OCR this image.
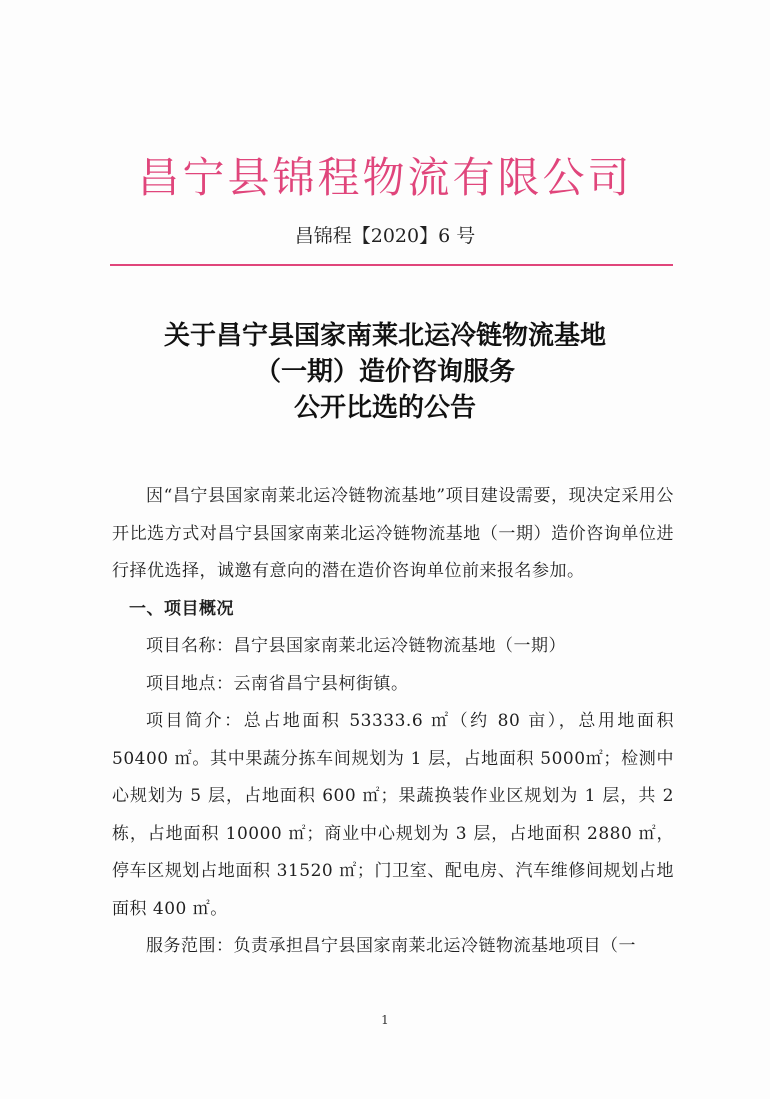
昌宁县锦程物流有限公司
昌锦程【2020】6 号
关于昌宁县国家南莱北运冷链物流基地
（一期）造价咨询服务
公开比选的公告

因“昌宁县国家南莱北运冷链物流基地”项目建设需要，现决定采用公开比选方式对昌宁县国家南莱北运冷链物流基地（一期）造价咨询单位进行择优选择，诚邀有意向的潜在造价咨询单位前来报名参加。

一、项目概况

项目名称：昌宁县国家南莱北运冷链物流基地（一期）

项目地点：云南省昌宁县柯街镇。

项目简介：总占地面积 53333.6 ㎡（约 80 亩），总用地面积 50400 ㎡。其中果蔬分拣车间规划为 1 层，占地面积 5000㎡；检测中心规划为 5 层，占地面积 600 ㎡；果蔬换装作业区规划为 1 层，共 2 栋，占地面积 10000 ㎡；商业中心规划为 3 层，占地面积 2880 ㎡，停车区规划占地面积 31520 ㎡；门卫室、配电房、汽车维修间规划占地面积 400 ㎡。

服务范围：负责承担昌宁县国家南莱北运冷链物流基地项目（一

1
